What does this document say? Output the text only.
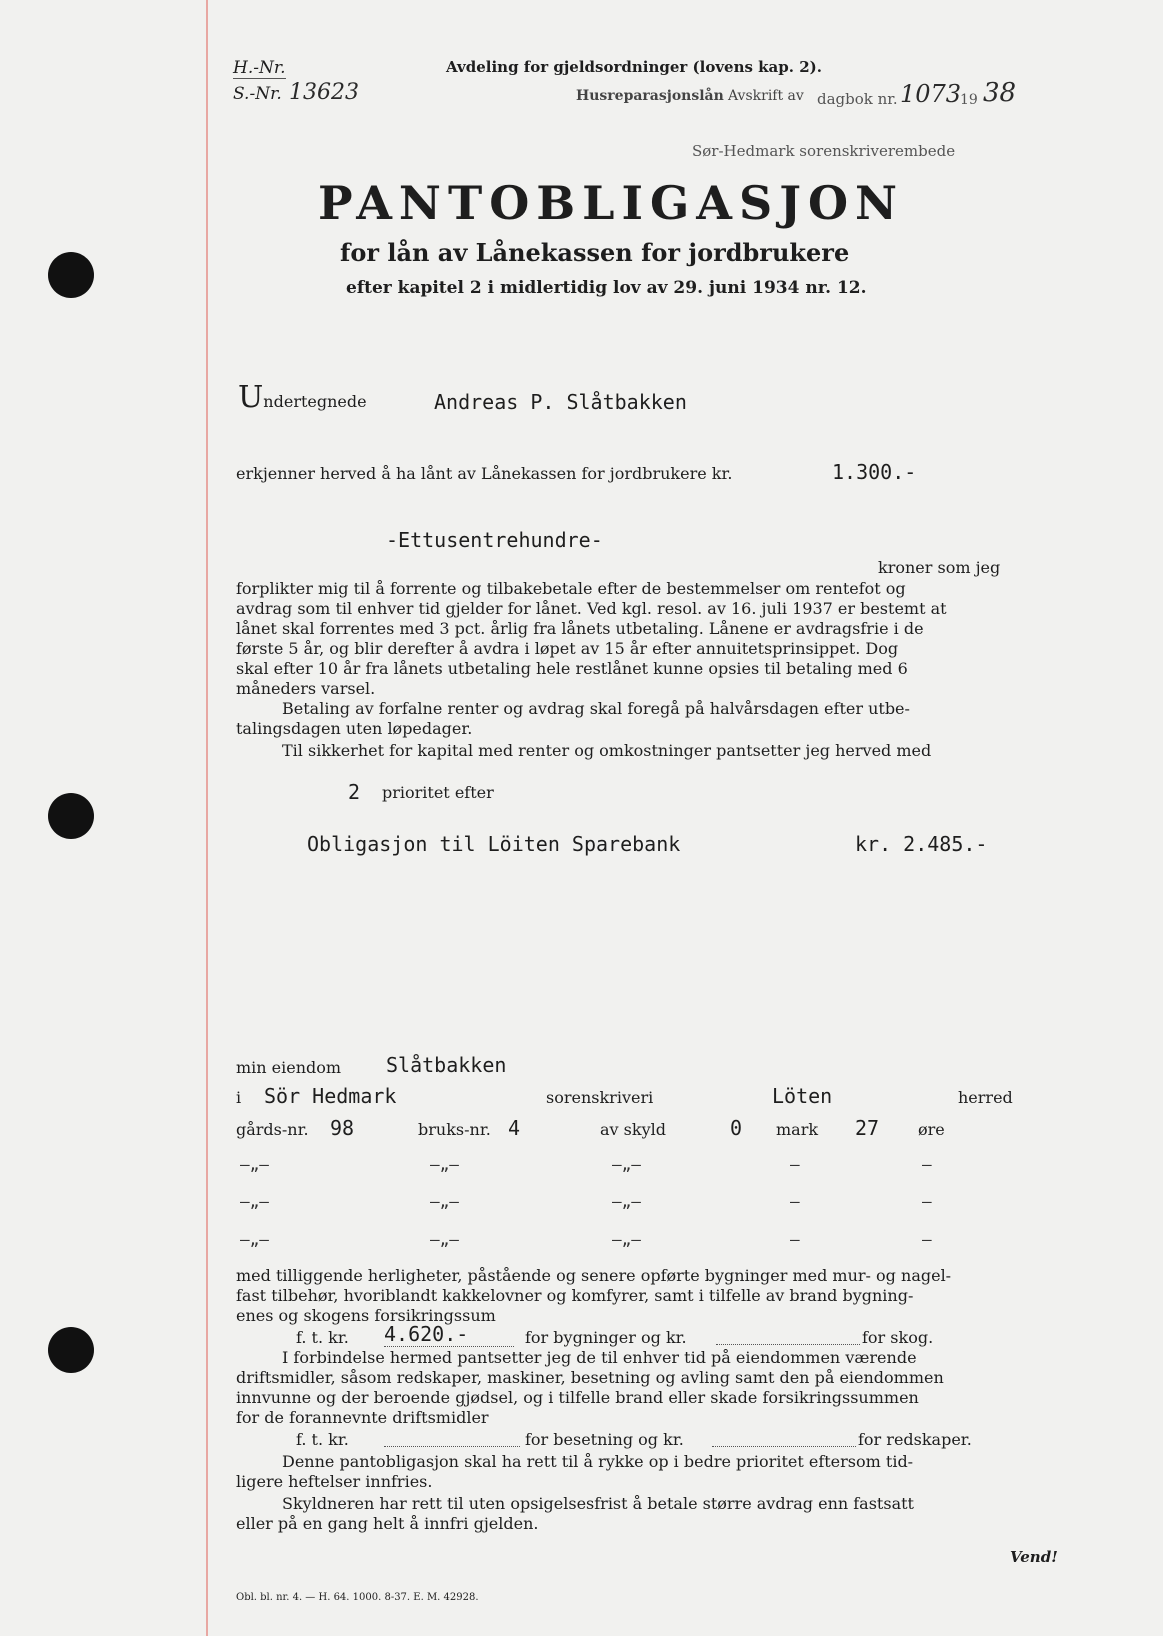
H.-Nr.
S.-Nr. 13623
Avdeling for gjeldsordninger (lovens kap. 2).
Husreparasjonslån Avskrift av dagbok nr. 1073
19 38
Sør-Hedmark sorenskriverembede
PANTOBLIGASJON
for lån av Lånekassen for jordbrukere
efter kapitel 2 i midlertidig lov av 29. juni 1934 nr. 12.
Undertegnede	Andreas P. Slåtbakken
erkjenner herved å ha lånt av Lånekassen for jordbrukere kr.	1.300.-
-Ettusentrehundre-
kroner som jeg
forplikter mig til å forrente og tilbakebetale efter de bestemmelser om rentefot og
avdrag som til enhver tid gjelder for lånet. Ved kgl. resol. av 16. juli 1937 er bestemt at
lånet skal forrentes med 3 pct. årlig fra lånets utbetaling. Lånene er avdragsfrie i de
første 5 år, og blir derefter å avdra i løpet av 15 år efter annuitetsprinsippet. Dog
skal efter 10 år fra lånets utbetaling hele restlånet kunne opsies til betaling med 6
måneders varsel.
Betaling av forfalne renter og avdrag skal foregå på halvårsdagen efter utbe-
talingsdagen uten løpedager.
Til sikkerhet for kapital med renter og omkostninger pantsetter jeg herved med
2 prioritet efter
Obligasjon til Löiten Sparebank	kr. 2.485.-
min eiendom Slåtbakken
i Sör Hedmark	sorenskriveri	Löten	herred
gårds-nr. 98	bruks-nr. 4	av skyld	0 mark 27 øre
—„—	—„—	—„—	—	—
—„—	—„—	—„—	—	—
—„—	—„—	—„—	—	—
med tilliggende herligheter, påstående og senere opførte bygninger med mur- og nagel-
fast tilbehør, hvoriblandt kakkelovner og komfyrer, samt i tilfelle av brand bygning-
enes og skogens forsikringssum
f. t. kr. 4.620.-	for bygninger og kr.	for skog.
I forbindelse hermed pantsetter jeg de til enhver tid på eiendommen værende
driftsmidler, såsom redskaper, maskiner, besetning og avling samt den på eiendommen
innvunne og der beroende gjødsel, og i tilfelle brand eller skade forsikringssummen
for de forannevnte driftsmidler
f. t. kr.	for besetning og kr.	for redskaper.
Denne pantobligasjon skal ha rett til å rykke op i bedre prioritet eftersom tid-
ligere heftelser innfries.
Skyldneren har rett til uten opsigelsesfrist å betale større avdrag enn fastsatt
eller på en gang helt å innfri gjelden.
Vend!
Obl. bl. nr. 4. — H. 64. 1000. 8-37. E. M. 42928.
